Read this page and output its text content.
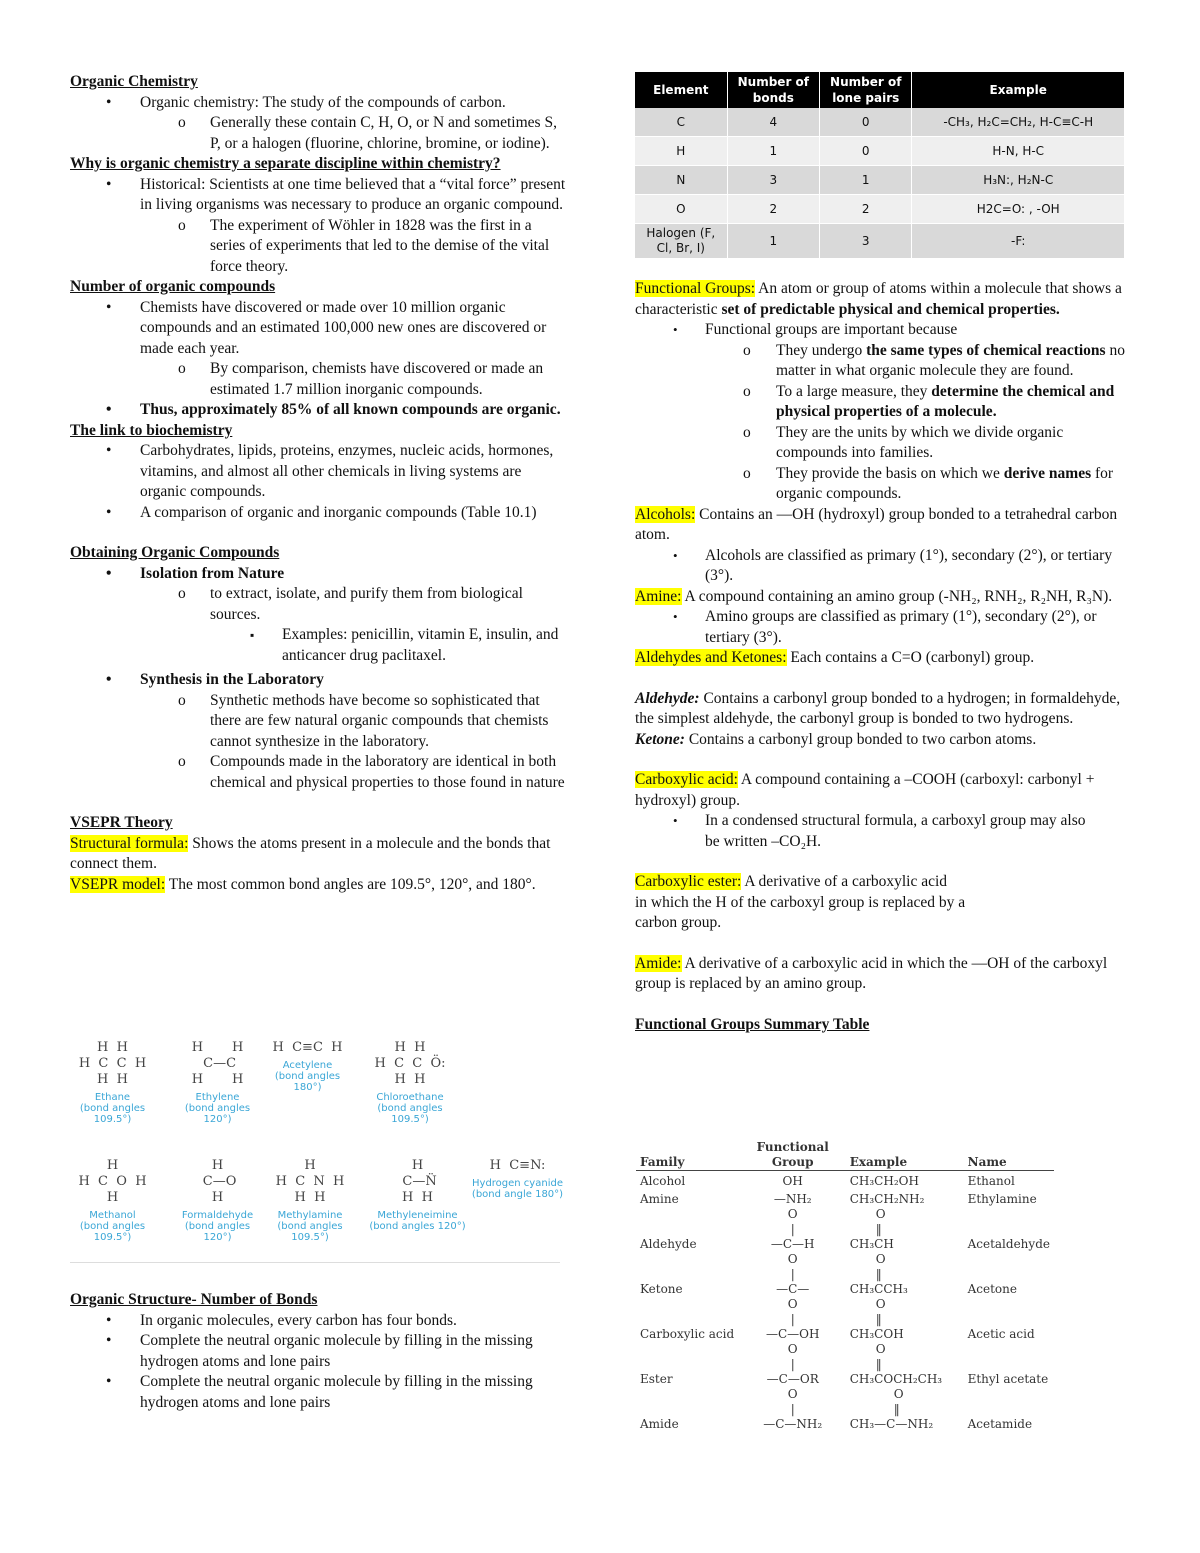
Organic Chemistry

• Organic chemistry: The study of the compounds of carbon.
o Generally these contain C, H, O, or N and sometimes S, P, or a halogen (fluorine, chlorine, bromine, or iodine).

Why is organic chemistry a separate discipline within chemistry?

• Historical: Scientists at one time believed that a “vital force” present in living organisms was necessary to produce an organic compound.
o The experiment of Wöhler in 1828 was the first in a series of experiments that led to the demise of the vital force theory.

Number of organic compounds

• Chemists have discovered or made over 10 million organic compounds and an estimated 100,000 new ones are discovered or made each year.
o By comparison, chemists have discovered or made an estimated 1.7 million inorganic compounds.
• Thus, approximately 85% of all known compounds are organic.

The link to biochemistry

• Carbohydrates, lipids, proteins, enzymes, nucleic acids, hormones, vitamins, and almost all other chemicals in living systems are organic compounds.
• A comparison of organic and inorganic compounds (Table 10.1)

Obtaining Organic Compounds

• Isolation from Nature
o to extract, isolate, and purify them from biological sources.
▪ Examples: penicillin, vitamin E, insulin, and anticancer drug paclitaxel.
• Synthesis in the Laboratory
o Synthetic methods have become so sophisticated that there are few natural organic compounds that chemists cannot synthesize in the laboratory.
o Compounds made in the laboratory are identical in both chemical and physical properties to those found in nature

VSEPR Theory

Structural formula: Shows the atoms present in a molecule and the bonds that connect them.

VSEPR model: The most common bond angles are 109.5°, 120°, and 180°.

H  H
H  C  C  H
H  H
Ethane
(bond angles
109.5°)
H       H
C—C
H       H
Ethylene
(bond angles
120°)
H  C≡C  H
Acetylene
(bond angles
180°)
H  H
H  C  C  Ö:
H  H
Chloroethane
(bond angles
109.5°)
H
H  C  O  H
H
Methanol
(bond angles
109.5°)
H
C—O
H
Formaldehyde
(bond angles
120°)
H
H  C  N  H
H  H
Methylamine
(bond angles
109.5°)
H
C—N̈
H  H
Methyleneimine
(bond angles 120°)
H  C≡N:
Hydrogen cyanide
(bond angle 180°)

Organic Structure- Number of Bonds

• In organic molecules, every carbon has four bonds.
• Complete the neutral organic molecule by filling in the missing hydrogen atoms and lone pairs
• Complete the neutral organic molecule by filling in the missing hydrogen atoms and lone pairs
Element	Number of bonds	Number of lone pairs	Example
C	4	0	-CH₃, H₂C=CH₂, H-C≡C-H
H	1	0	H-N, H-C
N	3	1	H₃N:, H₂N-C
O	2	2	H2C=O: , -OH
Halogen (F, Cl, Br, I)	1	3	-F:

Functional Groups: An atom or group of atoms within a molecule that shows a characteristic set of predictable physical and chemical properties.

• Functional groups are important because
o They undergo the same types of chemical reactions no matter in what organic molecule they are found.
o To a large measure, they determine the chemical and physical properties of a molecule.
o They are the units by which we divide organic compounds into families.
o They provide the basis on which we derive names for organic compounds.

Alcohols: Contains an —OH (hydroxyl) group bonded to a tetrahedral carbon atom.

• Alcohols are classified as primary (1°), secondary (2°), or tertiary (3°).

Amine: A compound containing an amino group (-NH₂, RNH₂, R₂NH, R₃N).

• Amino groups are classified as primary (1°), secondary (2°), or tertiary (3°).

Aldehydes and Ketones: Each contains a C=O (carbonyl) group.

Aldehyde: Contains a carbonyl group bonded to a hydrogen; in formaldehyde, the simplest aldehyde, the carbonyl group is bonded to two hydrogens.

Ketone: Contains a carbonyl group bonded to two carbon atoms.

Carboxylic acid: A compound containing a –COOH (carboxyl: carbonyl + hydroxyl) group.

• In a condensed structural formula, a carboxyl group may also
be written –CO₂H.

Carboxylic ester: A derivative of a carboxylic acid
in which the H of the carboxyl group is replaced by a
carbon group.

Amide: A derivative of a carboxylic acid in which the —OH of the carboxyl group is replaced by an amino group.

Functional Groups Summary Table

Family	Functional Group	Example	Name
Alcohol	OH	CH₃CH₂OH	Ethanol
Amine	—NH₂	CH₃CH₂NH₂	Ethylamine
	O	O	
	|	‖	
Aldehyde	—C—H	CH₃CH	Acetaldehyde
	O	O	
	|	‖	
Ketone	—C—	CH₃CCH₃	Acetone
	O	O	
	|	‖	
Carboxylic acid	—C—OH	CH₃COH	Acetic acid
	O	O	
	|	‖	
Ester	—C—OR	CH₃COCH₂CH₃	Ethyl acetate
	O	O	
	|	‖	
Amide	—C—NH₂	CH₃—C—NH₂	Acetamide
